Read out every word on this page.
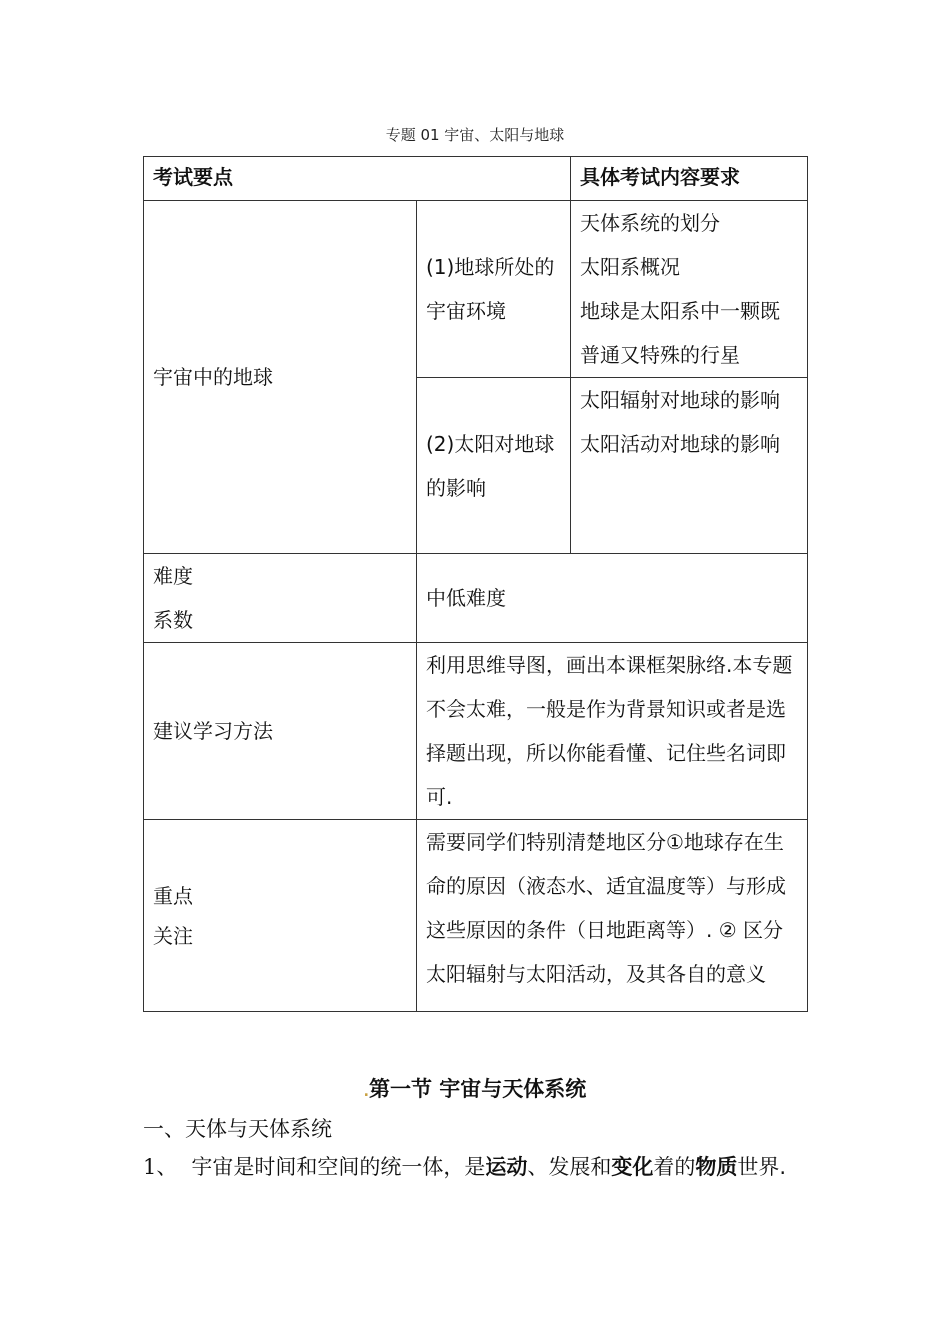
专题 01 宇宙、太阳与地球
考试要点		具体考试内容要求
宇宙中的地球	(1)地球所处的宇宙环境	天体系统的划分
太阳系概况
地球是太阳系中一颗既普通又特殊的行星

	(2)太阳对地球的影响	太阳辐射对地球的影响
太阳活动对地球的影响

难度系数	中低难度	
建议学习方法	利用思维导图，画出本课框架脉络.本专题不会太难，一般是作为背景知识或者是选择题出现，所以你能看懂、记住些名词即可.	

重点关注	需要同学们特别清楚地区分①地球存在生命的原因（液态水、适宜温度等）与形成这些原因的条件（日地距离等）. ② 区分太阳辐射与太阳活动，及其各自的意义	
.第一节 宇宙与天体系统
一、天体与天体系统
1、 宇宙是时间和空间的统一体，是运动、发展和变化着的物质世界.
